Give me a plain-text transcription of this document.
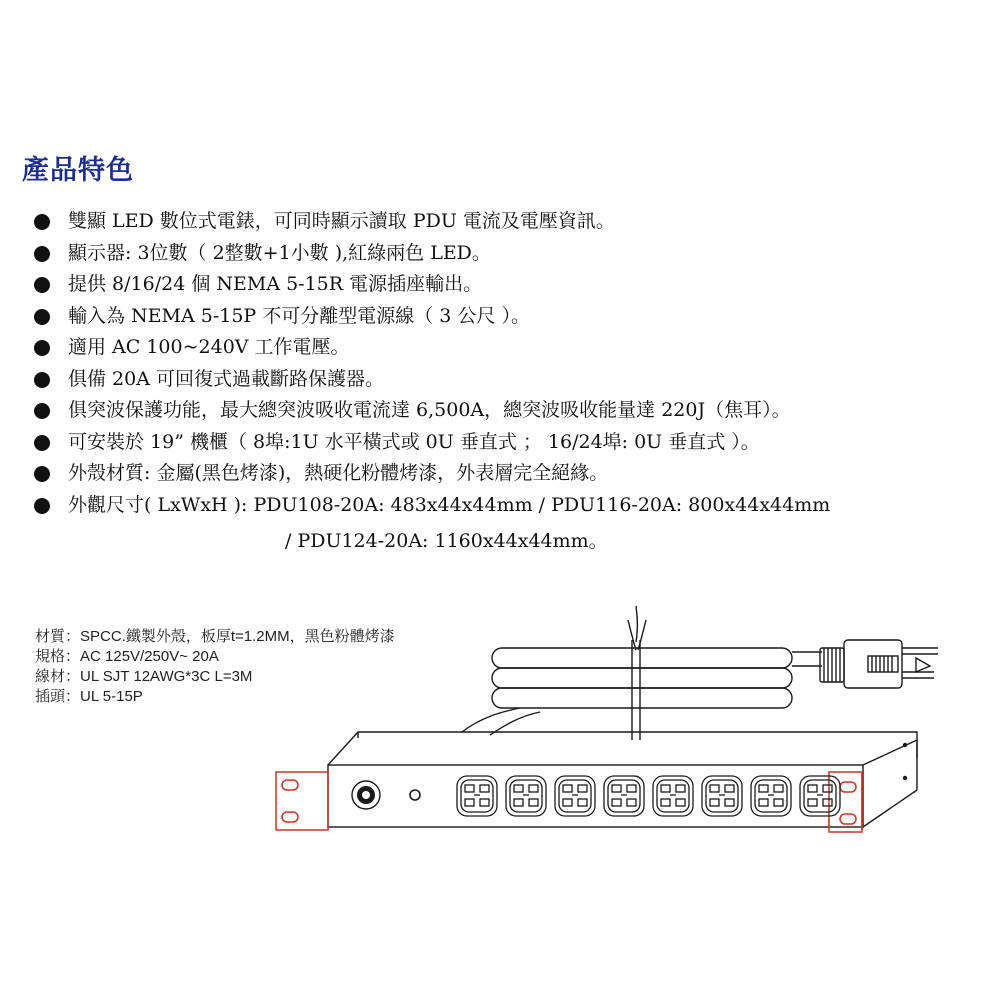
產品特色
雙顯 LED 數位式電錶，可同時顯示讀取 PDU 電流及電壓資訊。
顯示器: 3位數（ 2整數+1小數 ),紅綠兩色 LED。
提供 8/16/24 個 NEMA 5-15R 電源插座輸出。
輸入為 NEMA 5-15P 不可分離型電源線（ 3 公尺 ）。
適用 AC 100~240V 工作電壓。
俱備 20A 可回復式過載斷路保護器。
俱突波保護功能，最大總突波吸收電流達 6,500A，總突波吸收能量達 220J（焦耳）。
可安裝於 19” 機櫃（ 8埠:1U 水平橫式或 0U 垂直式 ； 16/24埠: 0U 垂直式 ）。
外殼材質: 金屬(黑色烤漆)，熱硬化粉體烤漆，外表層完全絕緣。
外觀尺寸( LxWxH ): PDU108-20A: 483x44x44mm / PDU116-20A: 800x44x44mm
/ PDU124-20A: 1160x44x44mm。
材質：SPCC.鐵製外殼，板厚t=1.2MM，黑色粉體烤漆
規格：AC 125V/250V~ 20A
線材：UL SJT 12AWG*3C L=3M
插頭：UL 5-15P
